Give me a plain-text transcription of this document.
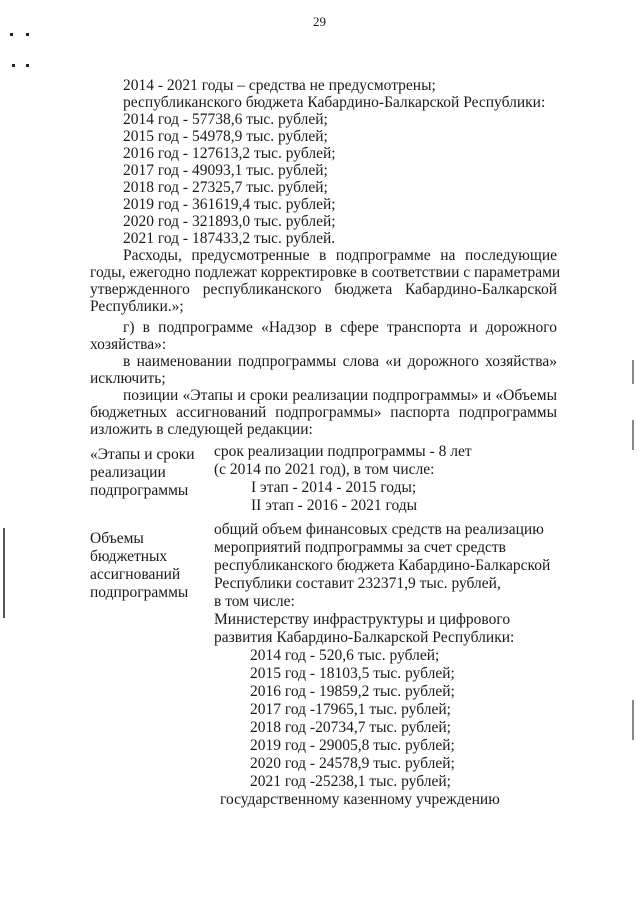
29
2014 - 2021 годы – средства не предусмотрены;
республиканского бюджета Кабардино-Балкарской Республики:
2014 год - 57738,6 тыс. рублей;
2015 год - 54978,9 тыс. рублей;
2016 год - 127613,2 тыс. рублей;
2017 год - 49093,1 тыс. рублей;
2018 год - 27325,7 тыс. рублей;
2019 год - 361619,4 тыс. рублей;
2020 год - 321893,0 тыс. рублей;
2021 год - 187433,2 тыс. рублей.
Расходы, предусмотренные в подпрограмме на последующие
годы, ежегодно подлежат корректировке в соответствии с параметрами
утвержденного республиканского бюджета Кабардино-Балкарской
Республики.»;
г) в подпрограмме «Надзор в сфере транспорта и дорожного
хозяйства»:
в наименовании подпрограммы слова «и дорожного хозяйства»
исключить;
позиции «Этапы и сроки реализации подпрограммы» и «Объемы
бюджетных ассигнований подпрограммы» паспорта подпрограммы
изложить в следующей редакции:
«Этапы и сроки
реализации
подпрограммы
срок реализации подпрограммы - 8 лет
(с 2014 по 2021 год), в том числе:
I этап - 2014 - 2015 годы;
II этап - 2016 - 2021 годы
Объемы
бюджетных
ассигнований
подпрограммы
общий объем финансовых средств на реализацию
мероприятий подпрограммы за счет средств
республиканского бюджета Кабардино-Балкарской
Республики составит 232371,9 тыс. рублей,
в том числе:
Министерству инфраструктуры и цифрового
развития Кабардино-Балкарской Республики:
2014 год - 520,6 тыс. рублей;
2015 год - 18103,5 тыс. рублей;
2016 год - 19859,2 тыс. рублей;
2017 год -17965,1 тыс. рублей;
2018 год -20734,7 тыс. рублей;
2019 год - 29005,8 тыс. рублей;
2020 год - 24578,9 тыс. рублей;
2021 год -25238,1 тыс. рублей;
государственному казенному учреждению
